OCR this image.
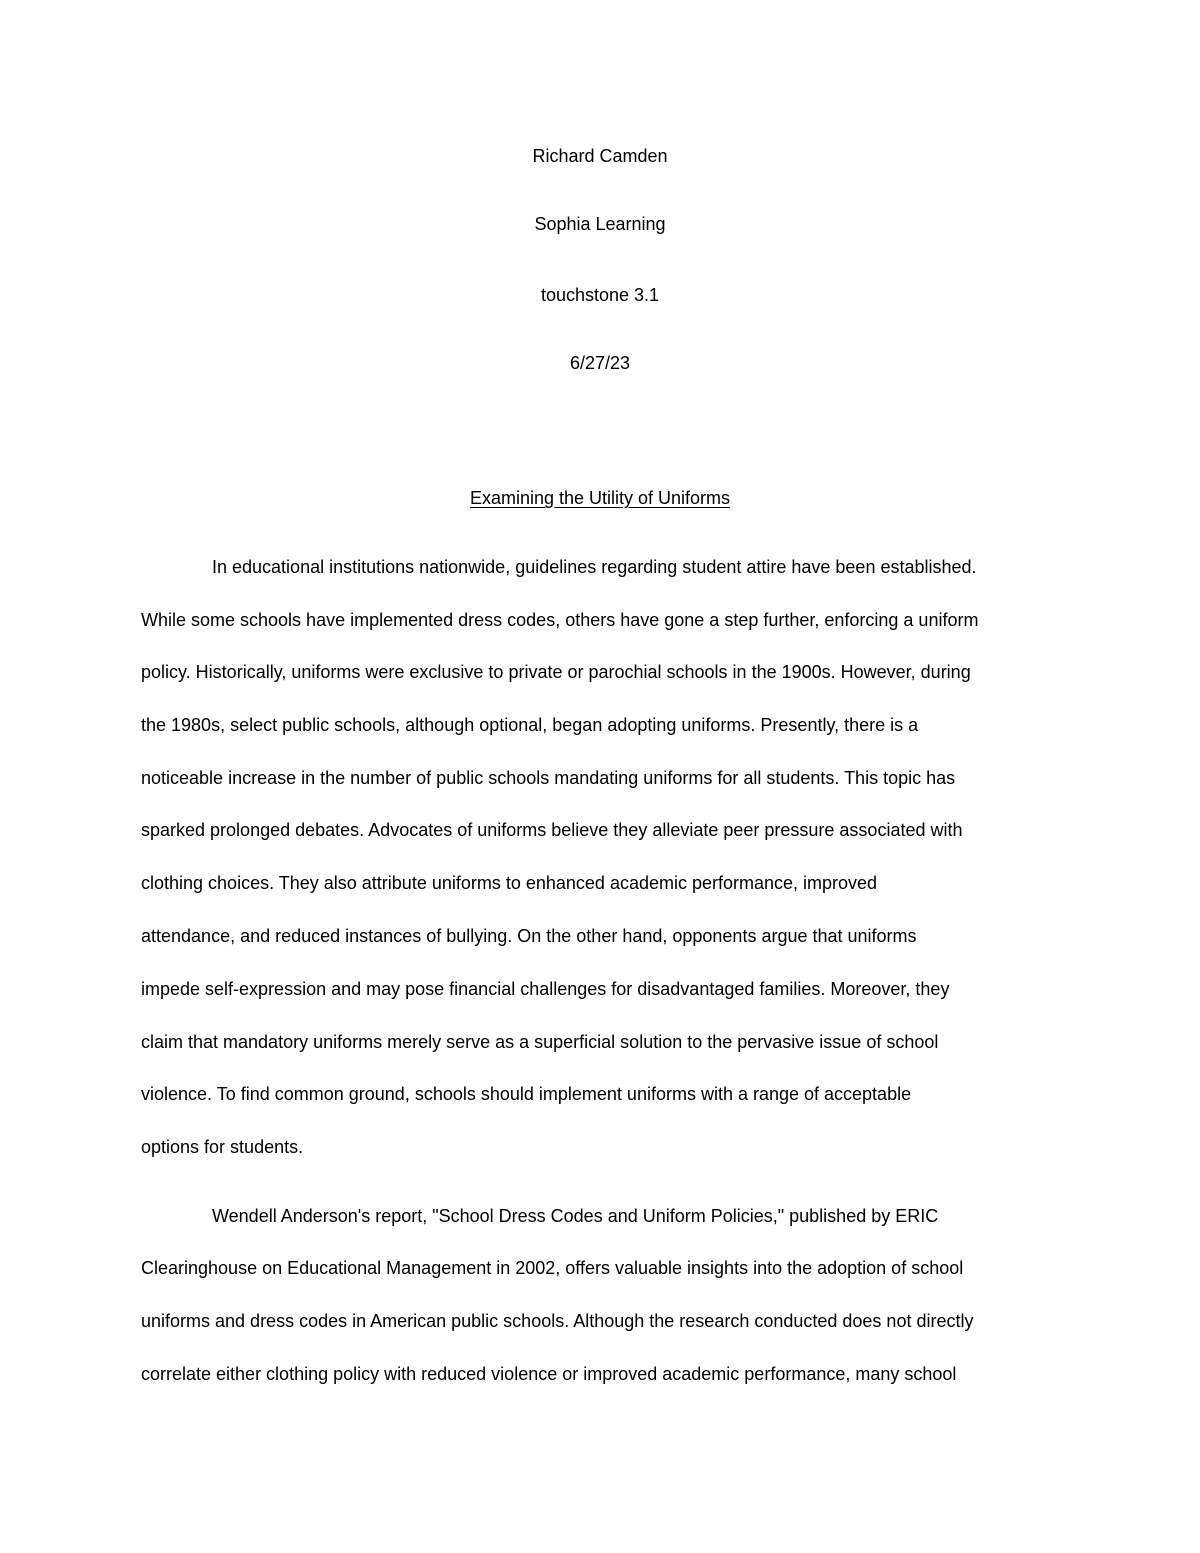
Richard Camden
Sophia Learning
touchstone 3.1
6/27/23
Examining the Utility of Uniforms
In educational institutions nationwide, guidelines regarding student attire have been established.
While some schools have implemented dress codes, others have gone a step further, enforcing a uniform
policy. Historically, uniforms were exclusive to private or parochial schools in the 1900s. However, during
the 1980s, select public schools, although optional, began adopting uniforms. Presently, there is a
noticeable increase in the number of public schools mandating uniforms for all students. This topic has
sparked prolonged debates. Advocates of uniforms believe they alleviate peer pressure associated with
clothing choices. They also attribute uniforms to enhanced academic performance, improved
attendance, and reduced instances of bullying. On the other hand, opponents argue that uniforms
impede self-expression and may pose financial challenges for disadvantaged families. Moreover, they
claim that mandatory uniforms merely serve as a superficial solution to the pervasive issue of school
violence. To find common ground, schools should implement uniforms with a range of acceptable
options for students.
Wendell Anderson's report, "School Dress Codes and Uniform Policies," published by ERIC
Clearinghouse on Educational Management in 2002, offers valuable insights into the adoption of school
uniforms and dress codes in American public schools. Although the research conducted does not directly
correlate either clothing policy with reduced violence or improved academic performance, many school
